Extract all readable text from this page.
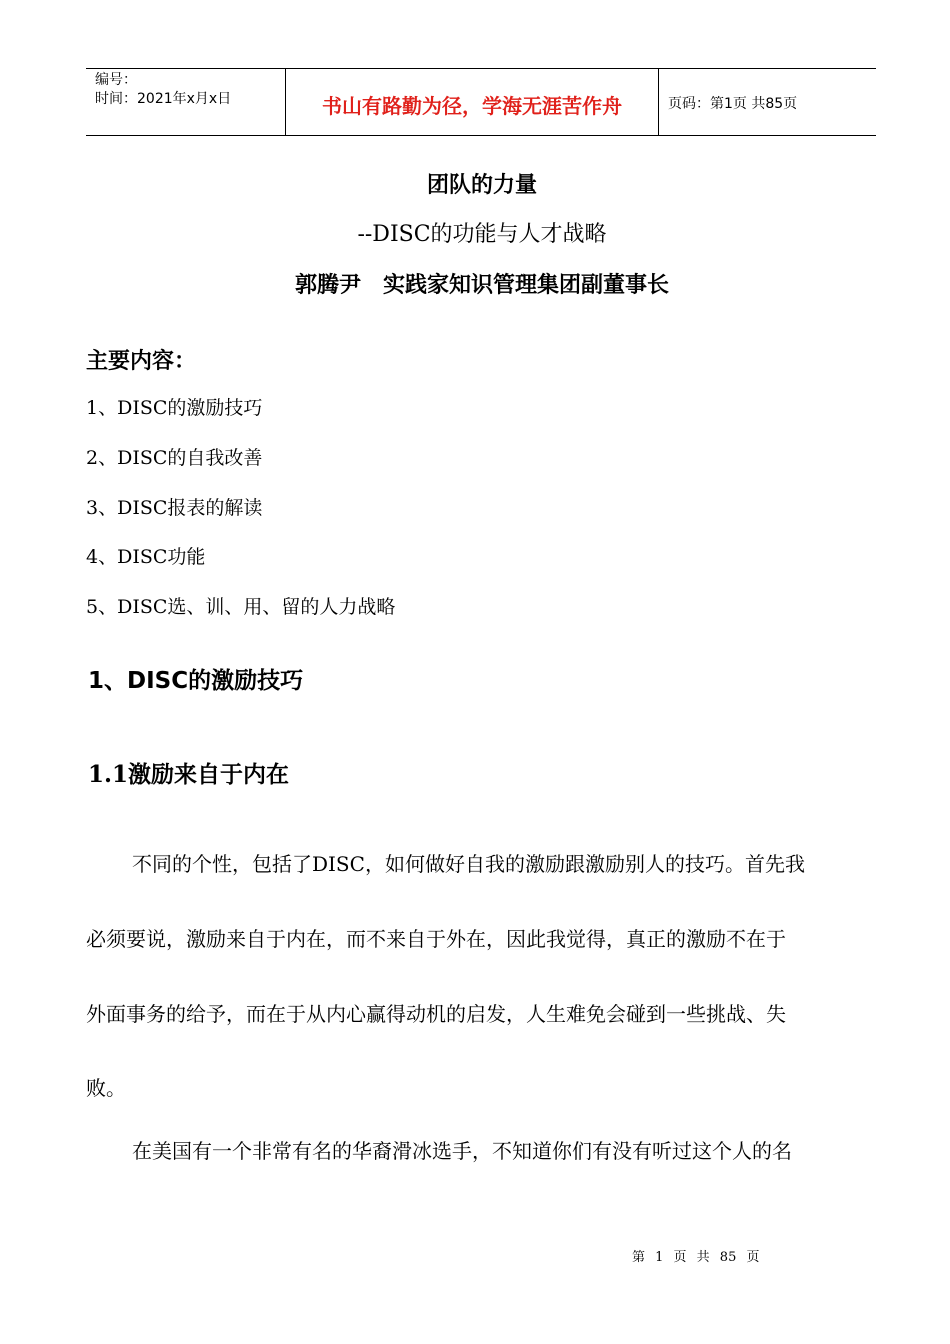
编号：
时间：2021年x月x日	书山有路勤为径，学海无涯苦作舟	页码：第1页 共85页
团队的力量
--DISC的功能与人才战略
郭腾尹　实践家知识管理集团副董事长
主要内容：
1、DISC的激励技巧
2、DISC的自我改善
3、DISC报表的解读
4、DISC功能
5、DISC选、训、用、留的人力战略
1、DISC的激励技巧
1.1激励来自于内在
不同的个性，包括了DISC，如何做好自我的激励跟激励别人的技巧。首先我
必须要说，激励来自于内在，而不来自于外在，因此我觉得，真正的激励不在于
外面事务的给予，而在于从内心赢得动机的启发，人生难免会碰到一些挑战、失
败。
在美国有一个非常有名的华裔滑冰选手，不知道你们有没有听过这个人的名
第 1 页 共 85 页
